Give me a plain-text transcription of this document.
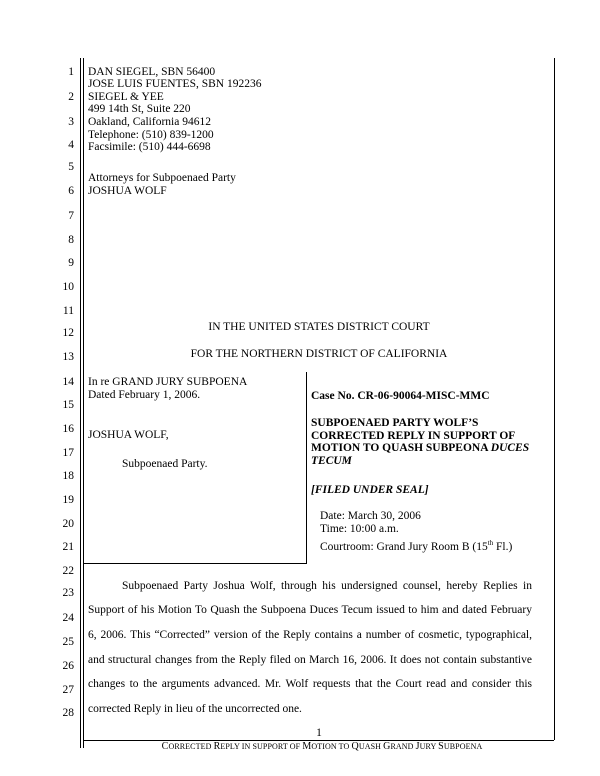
1
2
3
4
5
6
7
8
9
10
11
12
13
14
15
16
17
18
19
20
21
22
23
24
25
26
27
28
DAN SIEGEL, SBN 56400
JOSE LUIS FUENTES, SBN 192236
SIEGEL & YEE
499 14th St, Suite 220
Oakland, California 94612
Telephone: (510) 839-1200
Facsimile: (510) 444-6698
Attorneys for Subpoenaed Party
JOSHUA WOLF
IN THE UNITED STATES DISTRICT COURT
FOR THE NORTHERN DISTRICT OF CALIFORNIA
In re GRAND JURY SUBPOENA
Dated February 1, 2006.
JOSHUA WOLF,
Subpoenaed Party.
Case No. CR-06-90064-MISC-MMC
SUBPOENAED PARTY WOLF’S
CORRECTED REPLY IN SUPPORT OF
MOTION TO QUASH SUBPEONA DUCES
TECUM
[FILED UNDER SEAL]
Date: March 30, 2006
Time: 10:00 a.m.
Courtroom: Grand Jury Room B (15th Fl.)
Subpoenaed Party Joshua Wolf, through his undersigned counsel, hereby Replies in
Support of his Motion To Quash the Subpoena Duces Tecum issued to him and dated February
6, 2006. This “Corrected” version of the Reply contains a number of cosmetic, typographical,
and structural changes from the Reply filed on March 16, 2006. It does not contain substantive
changes to the arguments advanced. Mr. Wolf requests that the Court read and consider this
corrected Reply in lieu of the uncorrected one.
1
CORRECTED REPLY IN SUPPORT OF MOTION TO QUASH GRAND JURY SUBPOENA
